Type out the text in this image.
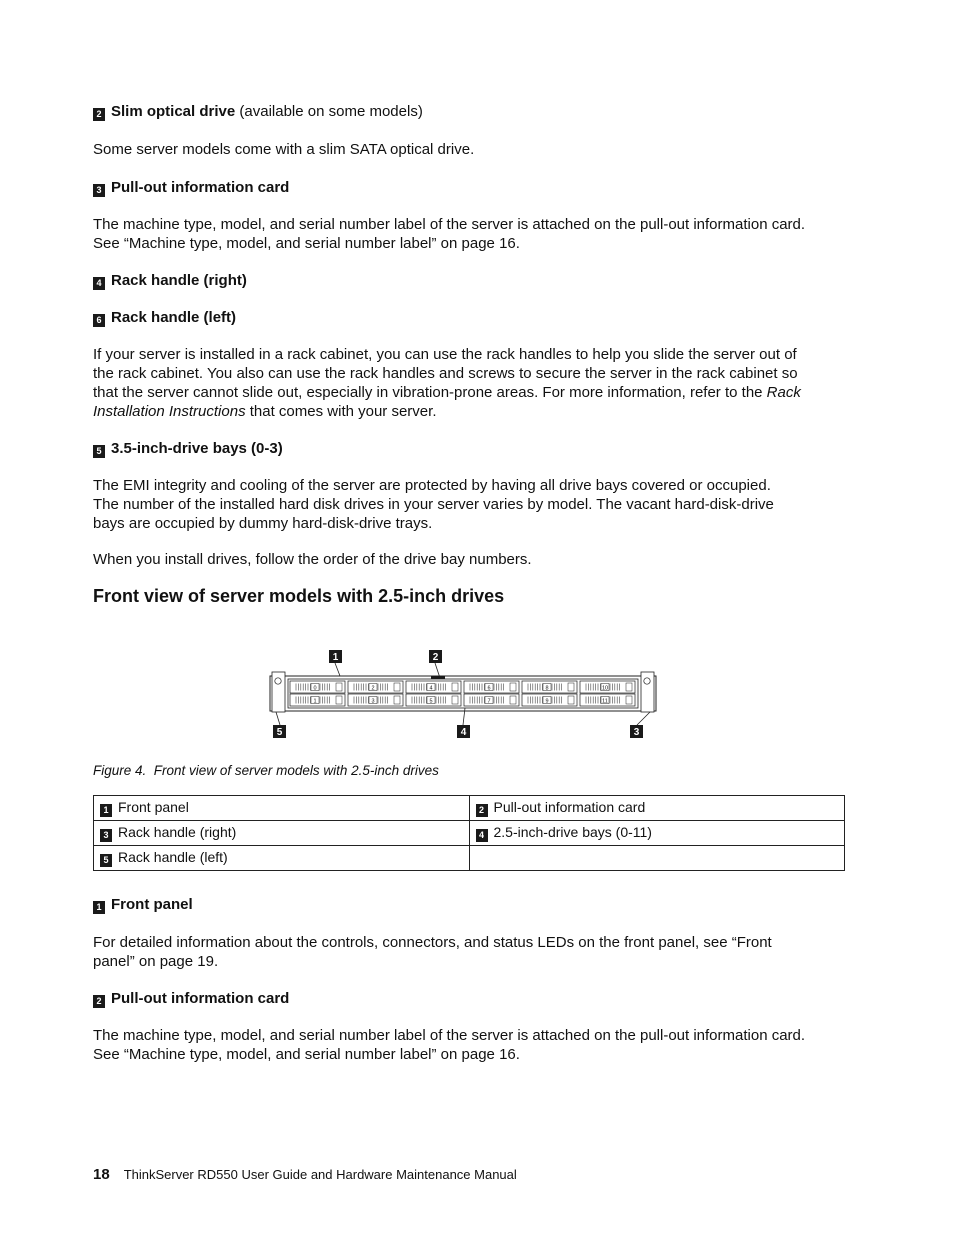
2 Slim optical drive (available on some models)
Some server models come with a slim SATA optical drive.
3 Pull-out information card
The machine type, model, and serial number label of the server is attached on the pull-out information card.
See “Machine type, model, and serial number label” on page 16.
4 Rack handle (right)
6 Rack handle (left)
If your server is installed in a rack cabinet, you can use the rack handles to help you slide the server out of
the rack cabinet. You also can use the rack handles and screws to secure the server in the rack cabinet so
that the server cannot slide out, especially in vibration-prone areas. For more information, refer to the Rack
Installation Instructions that comes with your server.
5 3.5-inch-drive bays (0-3)
The EMI integrity and cooling of the server are protected by having all drive bays covered or occupied.
The number of the installed hard disk drives in your server varies by model. The vacant hard-disk-drive
bays are occupied by dummy hard-disk-drive trays.
When you install drives, follow the order of the drive bay numbers.
Front view of server models with 2.5-inch drives
1	2
0	2	4	6	8	10
1	3	5	7	9	11
5	4	3
Figure 4. Front view of server models with 2.5-inch drives
1 Front panel	2 Pull-out information card
3 Rack handle (right)	4 2.5-inch-drive bays (0-11)
5 Rack handle (left)	
1 Front panel
For detailed information about the controls, connectors, and status LEDs on the front panel, see “Front
panel” on page 19.
2 Pull-out information card
The machine type, model, and serial number label of the server is attached on the pull-out information card.
See “Machine type, model, and serial number label” on page 16.
18 ThinkServer RD550 User Guide and Hardware Maintenance Manual
